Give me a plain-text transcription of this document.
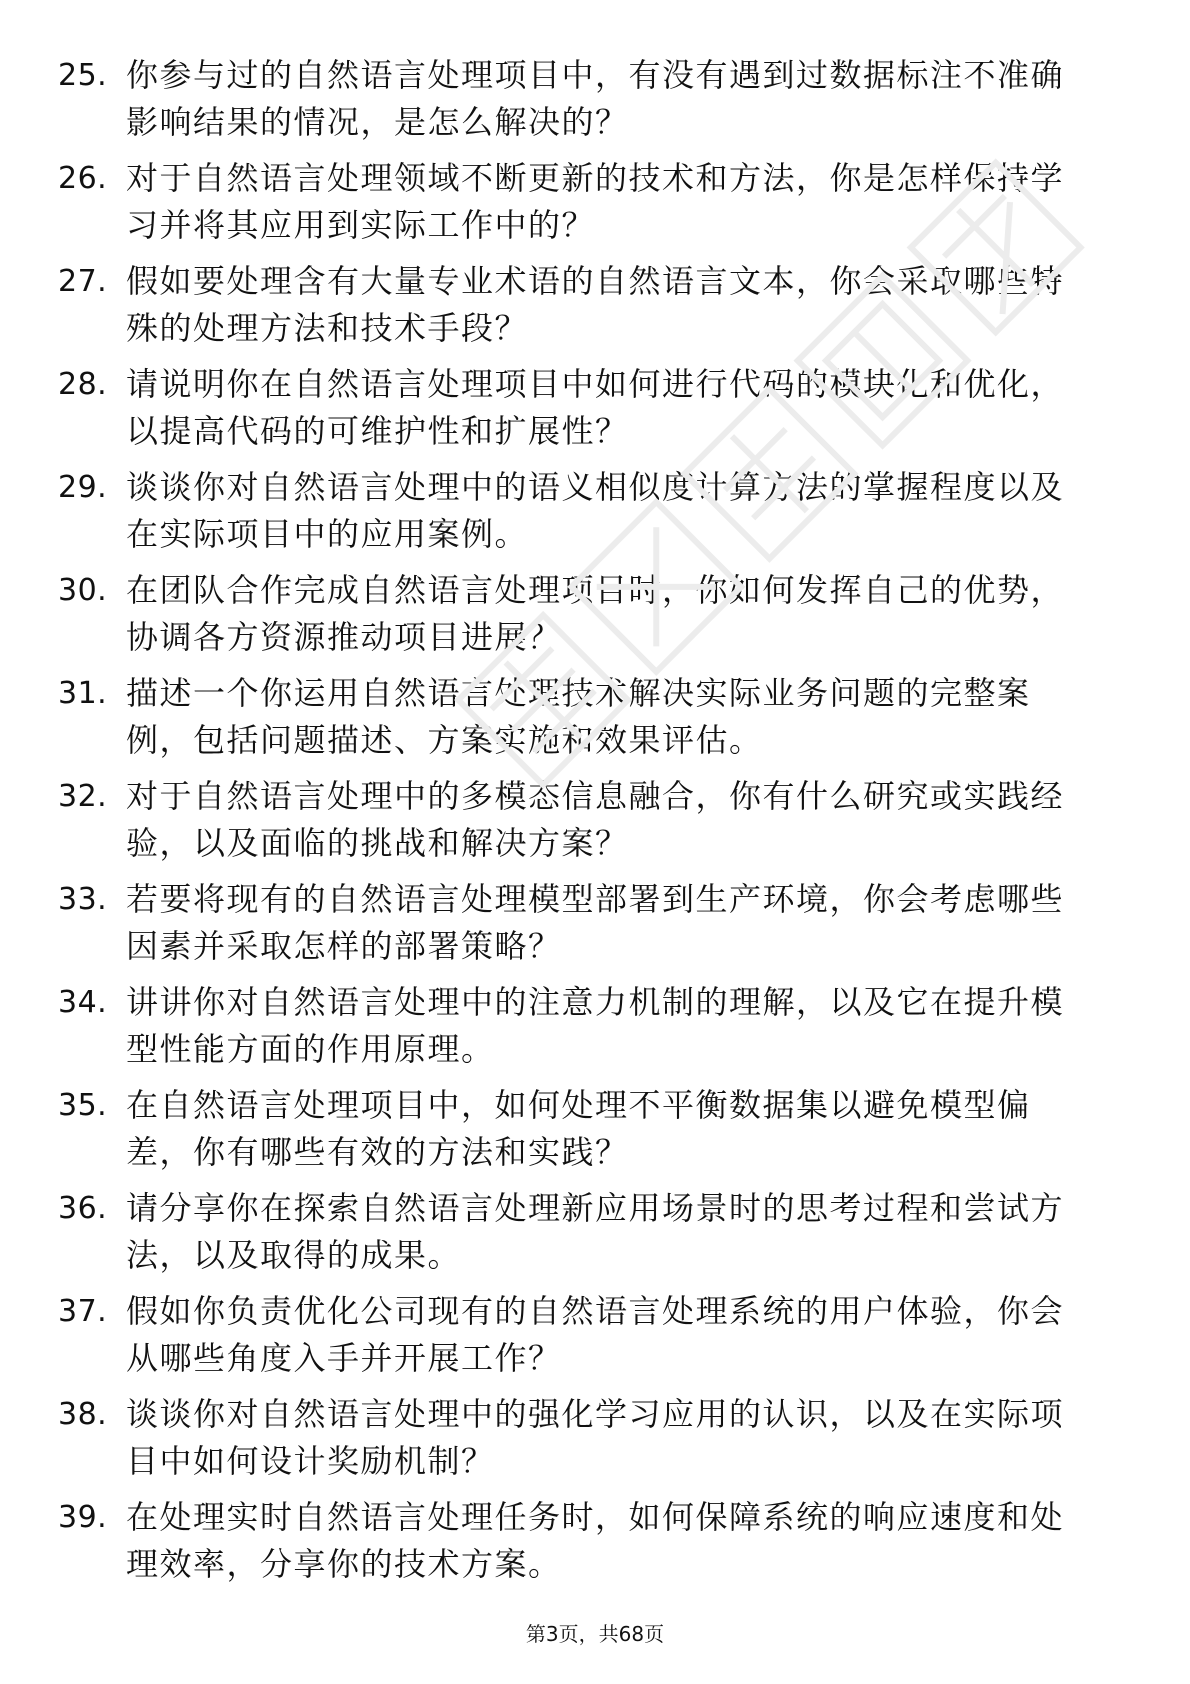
25. 你参与过的自然语言处理项目中，有没有遇到过数据标注不准确
影响结果的情况，是怎么解决的？
26. 对于自然语言处理领域不断更新的技术和方法，你是怎样保持学
习并将其应用到实际工作中的？
27. 假如要处理含有大量专业术语的自然语言文本，你会采取哪些特
殊的处理方法和技术手段？
28. 请说明你在自然语言处理项目中如何进行代码的模块化和优化，
以提高代码的可维护性和扩展性？
29. 谈谈你对自然语言处理中的语义相似度计算方法的掌握程度以及
在实际项目中的应用案例。
30. 在团队合作完成自然语言处理项目时，你如何发挥自己的优势，
协调各方资源推动项目进展？
31. 描述一个你运用自然语言处理技术解决实际业务问题的完整案
例，包括问题描述、方案实施和效果评估。
32. 对于自然语言处理中的多模态信息融合，你有什么研究或实践经
验，以及面临的挑战和解决方案？
33. 若要将现有的自然语言处理模型部署到生产环境，你会考虑哪些
因素并采取怎样的部署策略？
34. 讲讲你对自然语言处理中的注意力机制的理解，以及它在提升模
型性能方面的作用原理。
35. 在自然语言处理项目中，如何处理不平衡数据集以避免模型偏
差，你有哪些有效的方法和实践？
36. 请分享你在探索自然语言处理新应用场景时的思考过程和尝试方
法，以及取得的成果。
37. 假如你负责优化公司现有的自然语言处理系统的用户体验，你会
从哪些角度入手并开展工作？
38. 谈谈你对自然语言处理中的强化学习应用的认识，以及在实际项
目中如何设计奖励机制？
39. 在处理实时自然语言处理任务时，如何保障系统的响应速度和处
理效率，分享你的技术方案。
第3页，共68页
